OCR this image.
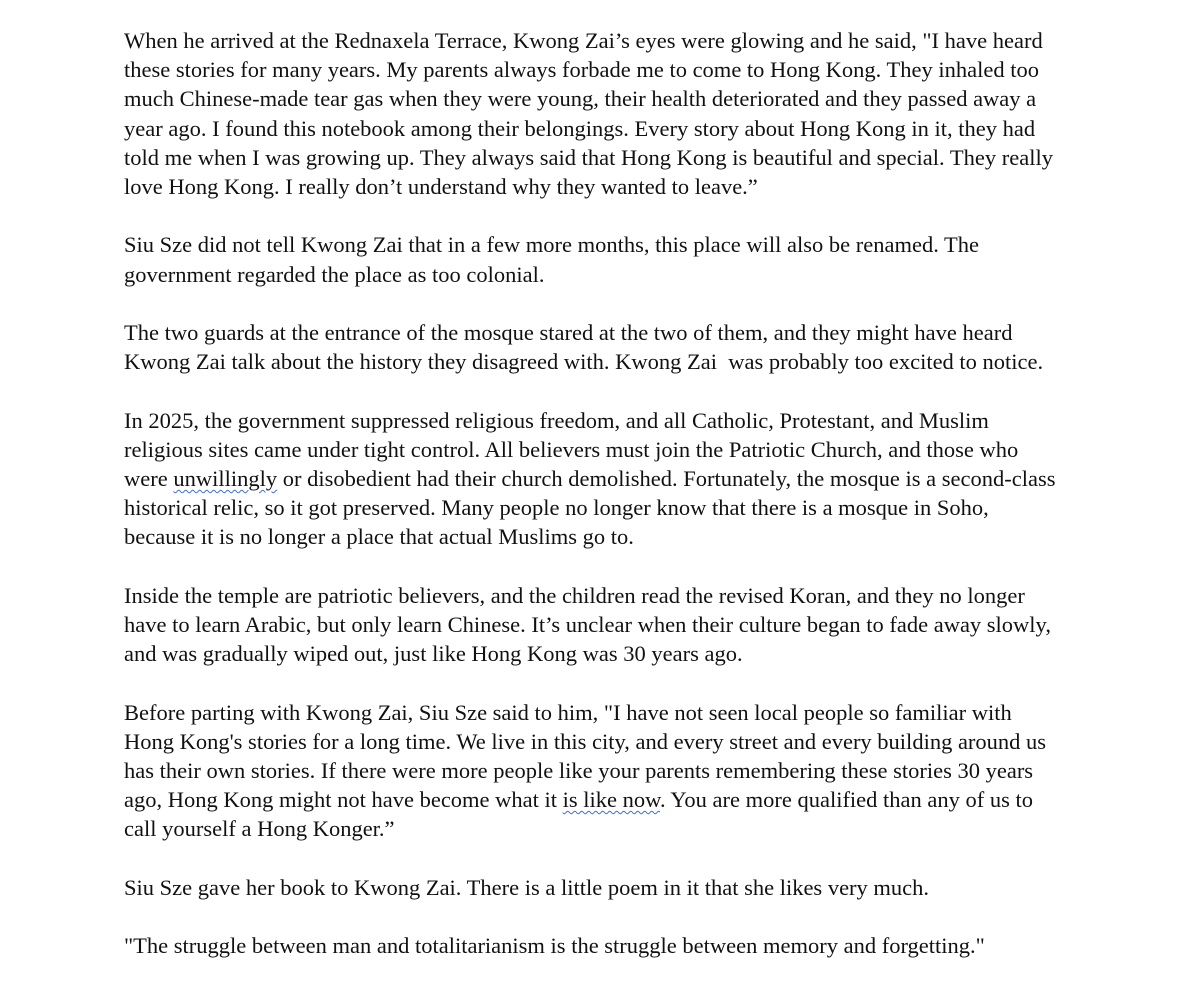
When he arrived at the Rednaxela Terrace, Kwong Zai’s eyes were glowing and he said, "I have heard
these stories for many years. My parents always forbade me to come to Hong Kong. They inhaled too
much Chinese-made tear gas when they were young, their health deteriorated and they passed away a
year ago. I found this notebook among their belongings. Every story about Hong Kong in it, they had
told me when I was growing up. They always said that Hong Kong is beautiful and special. They really
love Hong Kong. I really don’t understand why they wanted to leave.”

Siu Sze did not tell Kwong Zai that in a few more months, this place will also be renamed. The
government regarded the place as too colonial.

The two guards at the entrance of the mosque stared at the two of them, and they might have heard
Kwong Zai talk about the history they disagreed with. Kwong Zai  was probably too excited to notice.

In 2025, the government suppressed religious freedom, and all Catholic, Protestant, and Muslim
religious sites came under tight control. All believers must join the Patriotic Church, and those who
were unwillingly or disobedient had their church demolished. Fortunately, the mosque is a second-class
historical relic, so it got preserved. Many people no longer know that there is a mosque in Soho,
because it is no longer a place that actual Muslims go to.

Inside the temple are patriotic believers, and the children read the revised Koran, and they no longer
have to learn Arabic, but only learn Chinese. It’s unclear when their culture began to fade away slowly,
and was gradually wiped out, just like Hong Kong was 30 years ago.

Before parting with Kwong Zai, Siu Sze said to him, "I have not seen local people so familiar with
Hong Kong's stories for a long time. We live in this city, and every street and every building around us
has their own stories. If there were more people like your parents remembering these stories 30 years
ago, Hong Kong might not have become what it is like now. You are more qualified than any of us to
call yourself a Hong Konger.”

Siu Sze gave her book to Kwong Zai. There is a little poem in it that she likes very much.

"The struggle between man and totalitarianism is the struggle between memory and forgetting."
